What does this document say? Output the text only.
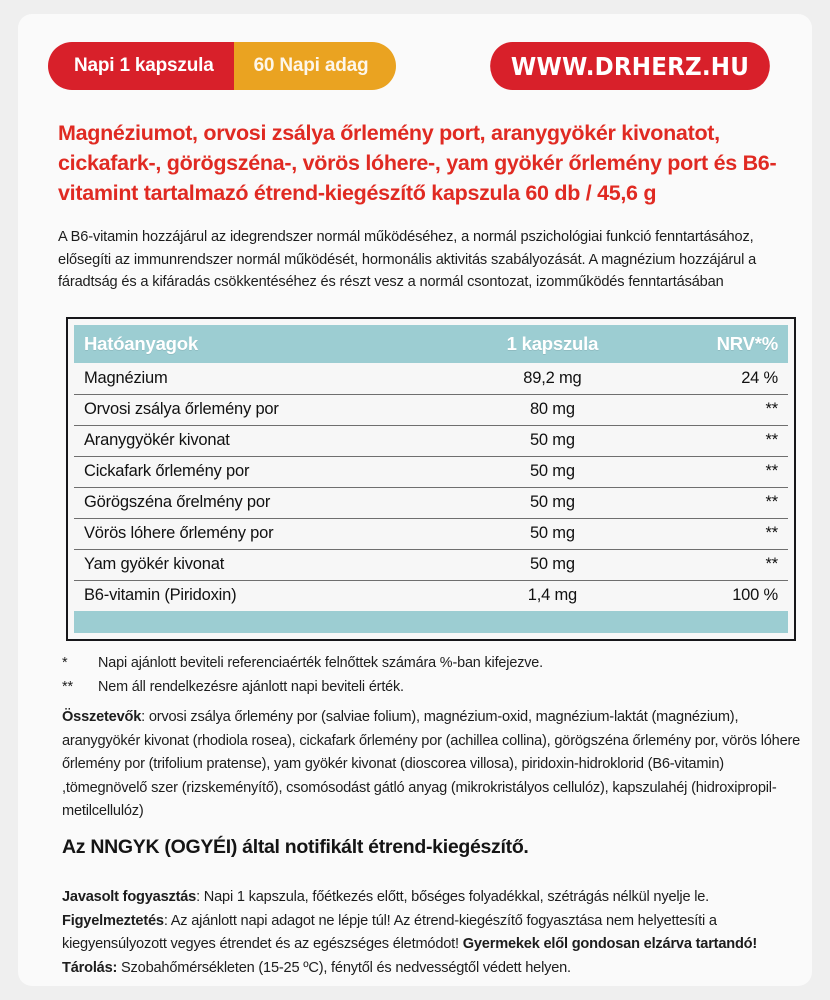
Napi 1 kapszula	60 Napi adag	WWW.DRHERZ.HU
Magnéziumot, orvosi zsálya őrlemény port, aranygyökér kivonatot, cickafark-, görögszéna-, vörös lóhere-, yam gyökér őrlemény port és B6-vitamint tartalmazó étrend-kiegészítő kapszula 60 db / 45,6 g
A B6-vitamin hozzájárul az idegrendszer normál működéséhez, a normál pszichológiai funkció fenntartásához, elősegíti az immunrendszer normál működését, hormonális aktivitás szabályozását. A magnézium hozzájárul a fáradtság és a kifáradás csökkentéséhez és részt vesz a normál csontozat, izomműködés fenntartásában
Hatóanyagok	1 kapszula	NRV*%
Magnézium	89,2 mg	24 %
Orvosi zsálya őrlemény por	80 mg	**
Aranygyökér kivonat	50 mg	**
Cickafark őrlemény por	50 mg	**
Görögszéna őrelmény por	50 mg	**
Vörös lóhere őrlemény por	50 mg	**
Yam gyökér kivonat	50 mg	**
B6-vitamin (Piridoxin)	1,4 mg	100 %
*	Napi ajánlott beviteli referenciaérték felnőttek számára %-ban kifejezve.
**	Nem áll rendelkezésre ajánlott napi beviteli érték.
Összetevők: orvosi zsálya őrlemény por (salviae folium), magnézium-oxid, magnézium-laktát (magnézium), aranygyökér kivonat (rhodiola rosea), cickafark őrlemény por (achillea collina), görögszéna őrlemény por, vörös lóhere őrlemény por (trifolium pratense), yam gyökér kivonat (dioscorea villosa), piridoxin-hidroklorid (B6-vitamin) ,tömegnövelő szer (rizskeményítő), csomósodást gátló anyag (mikrokristályos cellulóz), kapszulahéj (hidroxipropil-metilcellulóz)
Az NNGYK (OGYÉI) által notifikált étrend-kiegészítő.
Javasolt fogyasztás: Napi 1 kapszula, főétkezés előtt, bőséges folyadékkal, szétrágás nélkül nyelje le. Figyelmeztetés: Az ajánlott napi adagot ne lépje túl! Az étrend-kiegészítő fogyasztása nem helyettesíti a kiegyensúlyozott vegyes étrendet és az egészséges életmódot! Gyermekek elől gondosan elzárva tartandó! Tárolás: Szobahőmérsékleten (15-25 ºC), fénytől és nedvességtől védett helyen.
